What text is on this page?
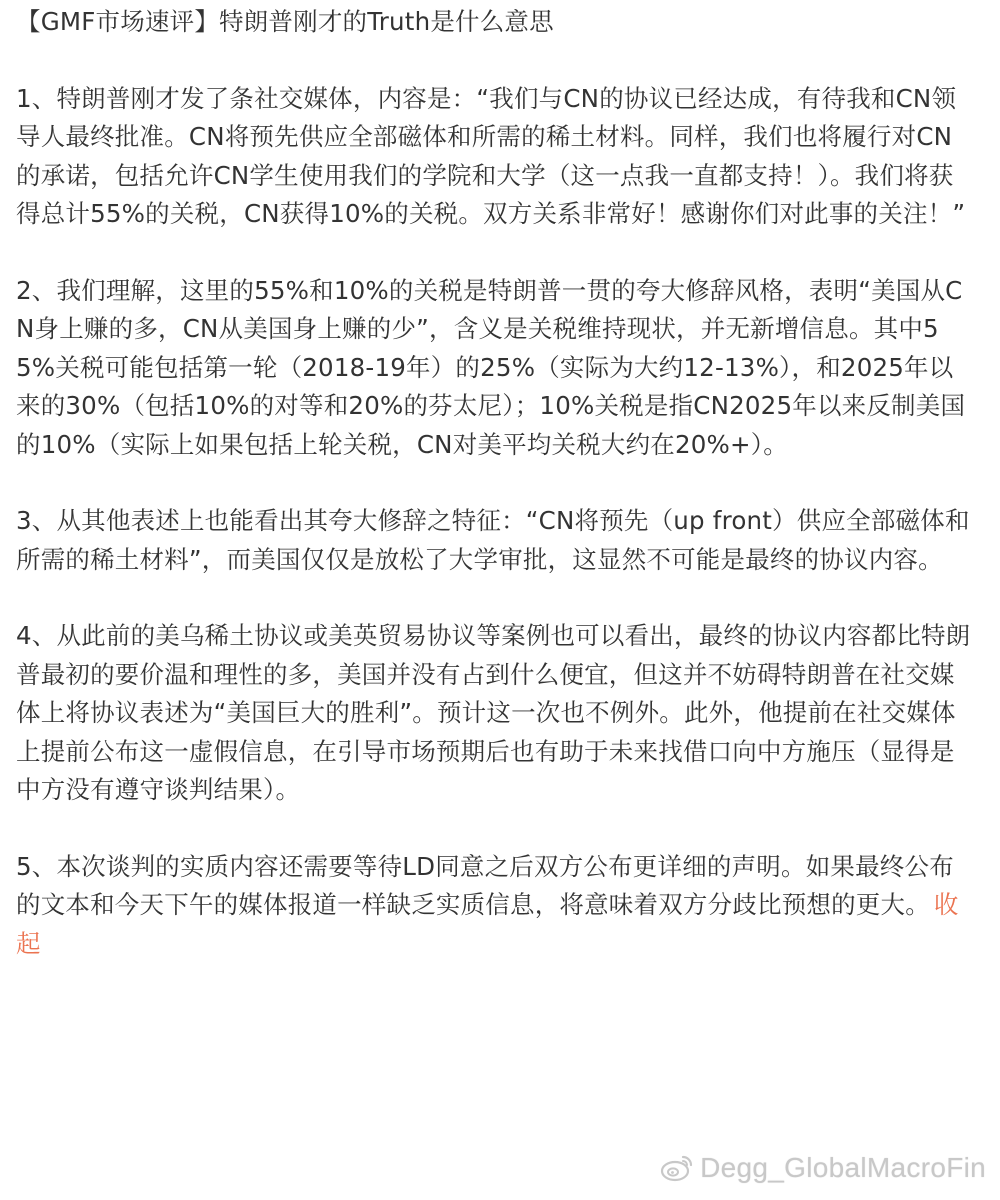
【GMF市场速评】特朗普刚才的Truth是什么意思

1、特朗普刚才发了条社交媒体，内容是：“我们与CN的协议已经达成，有待我和CN领导人最终批准。CN将预先供应全部磁体和所需的稀土材料。同样，我们也将履行对CN的承诺，包括允许CN学生使用我们的学院和大学（这一点我一直都支持！）。我们将获得总计55%的关税，CN获得10%的关税。双方关系非常好！感谢你们对此事的关注！”

2、我们理解，这里的55%和10%的关税是特朗普一贯的夸大修辞风格，表明“美国从CN身上赚的多，CN从美国身上赚的少”，含义是关税维持现状，并无新增信息。其中55%关税可能包括第一轮（2018-19年）的25%（实际为大约12-13%），和2025年以来的30%（包括10%的对等和20%的芬太尼）；10%关税是指CN2025年以来反制美国的10%（实际上如果包括上轮关税，CN对美平均关税大约在20%+）。

3、从其他表述上也能看出其夸大修辞之特征：“CN将预先（up front）供应全部磁体和所需的稀土材料”，而美国仅仅是放松了大学审批，这显然不可能是最终的协议内容。

4、从此前的美乌稀土协议或美英贸易协议等案例也可以看出，最终的协议内容都比特朗普最初的要价温和理性的多，美国并没有占到什么便宜，但这并不妨碍特朗普在社交媒体上将协议表述为“美国巨大的胜利”。预计这一次也不例外。此外，他提前在社交媒体上提前公布这一虚假信息，在引导市场预期后也有助于未来找借口向中方施压（显得是中方没有遵守谈判结果）。

5、本次谈判的实质内容还需要等待LD同意之后双方公布更详细的声明。如果最终公布的文本和今天下午的媒体报道一样缺乏实质信息，将意味着双方分歧比预想的更大。 收起

Degg_GlobalMacroFin
